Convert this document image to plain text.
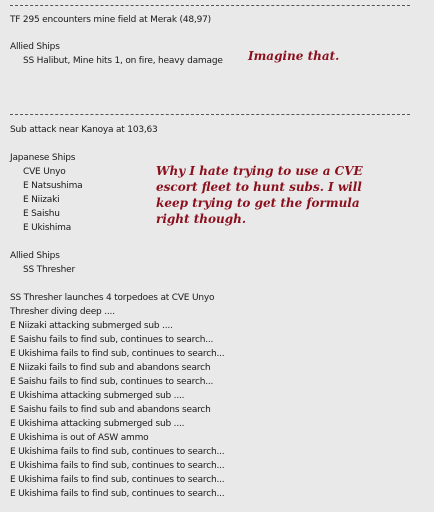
TF 295 encounters mine field at Merak (48,97)
Allied Ships
SS Halibut, Mine hits 1, on fire, heavy damage Imagine that.
Sub attack near Kanoya at 103,63
Japanese Ships
CVE Unyo
E Natsushima
E Niizaki
E Saishu
E Ukishima
Allied Ships
SS Thresher
Why I hate trying to use a CVE
escort fleet to hunt subs. I will
keep trying to get the formula
right though.
SS Thresher launches 4 torpedoes at CVE Unyo
Thresher diving deep ....
E Niizaki attacking submerged sub ....
E Saishu fails to find sub, continues to search...
E Ukishima fails to find sub, continues to search...
E Niizaki fails to find sub and abandons search
E Saishu fails to find sub, continues to search...
E Ukishima attacking submerged sub ....
E Saishu fails to find sub and abandons search
E Ukishima attacking submerged sub ....
E Ukishima is out of ASW ammo
E Ukishima fails to find sub, continues to search...
E Ukishima fails to find sub, continues to search...
E Ukishima fails to find sub, continues to search...
E Ukishima fails to find sub, continues to search...
